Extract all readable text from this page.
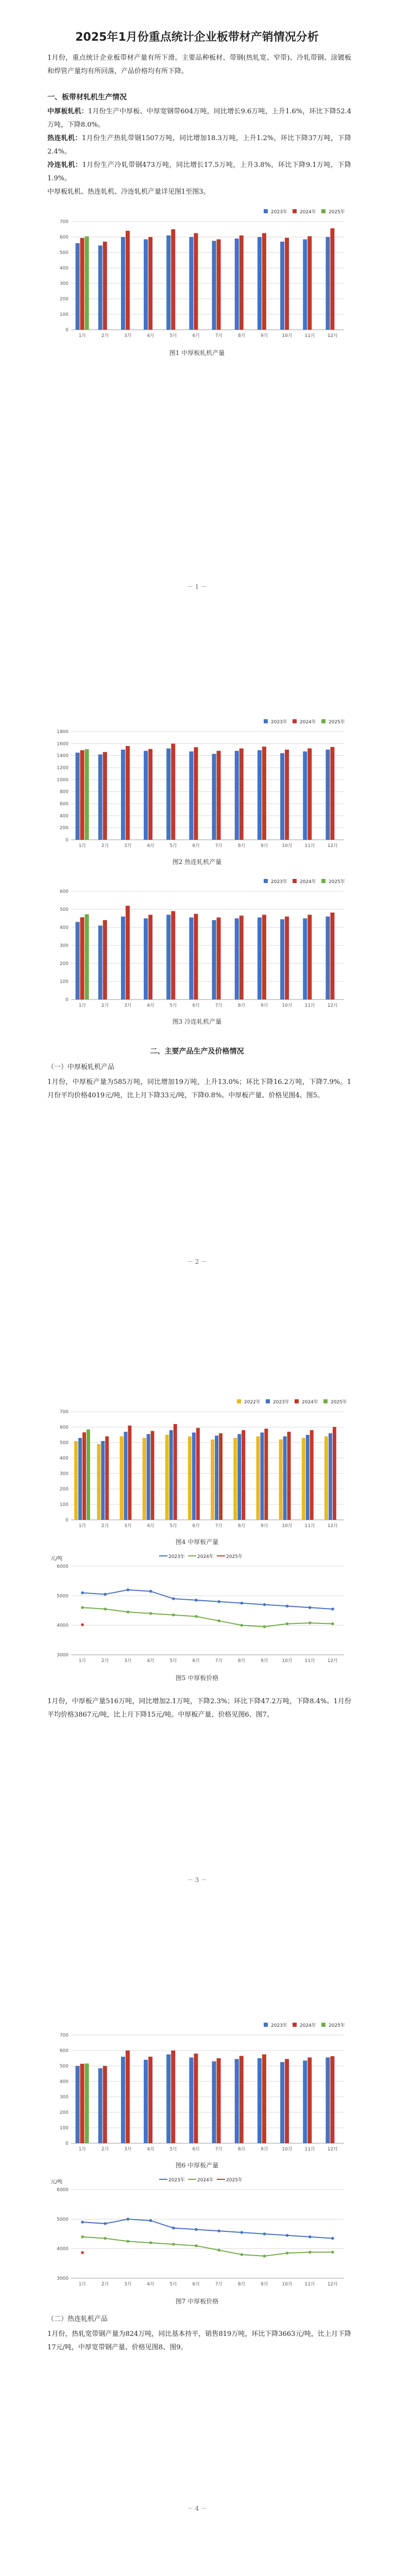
2025年1月份重点统计企业板带材产销情况分析

1月份，重点统计企业板带材产量有所下滑。主要品种板材、带钢(热轧宽、窄带)、冷轧带钢、涂镀板和焊管产量均有所回落，产品价格均有所下降。

一、板带材轧机生产情况

中厚板轧机：1月份生产中厚板、中厚宽钢带604万吨，同比增长9.6万吨，上升1.6%，环比下降52.4万吨，下降8.0%。

热连轧机：1月份生产热轧带钢1507万吨，同比增加18.3万吨，上升1.2%，环比下降37万吨，下降2.4%。

冷连轧机：1月份生产冷轧带钢473万吨，同比增长17.5万吨，上升3.8%，环比下降9.1万吨，下降1.9%。

中厚板轧机、热连轧机、冷连轧机产量详见图1至图3。

0
100
200
300
400
500
600
700
1月	2月	3月	4月	5月	6月	7月	8月	9月	10月	11月	12月
2023年	2024年	2025年
图1 中厚板轧机产量
－ 1 －
0
200
400
600
800
1000
1200
1400
1600
1800
1月	2月	3月	4月	5月	6月	7月	8月	9月	10月	11月	12月
2023年	2024年	2025年
图2 热连轧机产量
0
100
200
300
400
500
600
1月	2月	3月	4月	5月	6月	7月	8月	9月	10月	11月	12月
2023年	2024年	2025年
图3 冷连轧机产量
二、主要产品生产及价格情况
（一）中厚板轧机产品

1月份，中厚板产量为585万吨，同比增加19万吨，上升13.0%；环比下降16.2万吨，下降7.9%。1月份平均价格4019元/吨，比上月下降33元/吨，下降0.8%。中厚板产量、价格见图4、图5。

－ 2 －
0
100
200
300
400
500
600
700
1月	2月	3月	4月	5月	6月	7月	8月	9月	10月	11月	12月
2022年	2023年	2024年	2025年
图4 中厚板产量
3000
4000
5000
6000
元/吨
1月	2月	3月	4月	5月	6月	7月	8月	9月	10月	11月	12月
2023年	2024年	2025年
图5 中厚板价格

1月份，中厚板产量516万吨，同比增加2.1万吨，下降2.3%；环比下降47.2万吨，下降8.4%。1月份平均价格3867元/吨，比上月下降15元/吨。中厚板产量、价格见图6、图7。

－ 3 －
0
100
200
300
400
500
600
700
1月	2月	3月	4月	5月	6月	7月	8月	9月	10月	11月	12月
2023年	2024年	2025年
图6 中厚板产量
3000
4000
5000
6000
元/吨
1月	2月	3月	4月	5月	6月	7月	8月	9月	10月	11月	12月
2023年	2024年	2025年
图7 中厚板价格
（二）热连轧机产品

1月份，热轧宽带钢产量为824万吨，同比基本持平，销售819万吨，环比下降3663元/吨，比上月下降17元/吨，中厚宽带钢产量、价格见图8、图9。

－ 4 －
